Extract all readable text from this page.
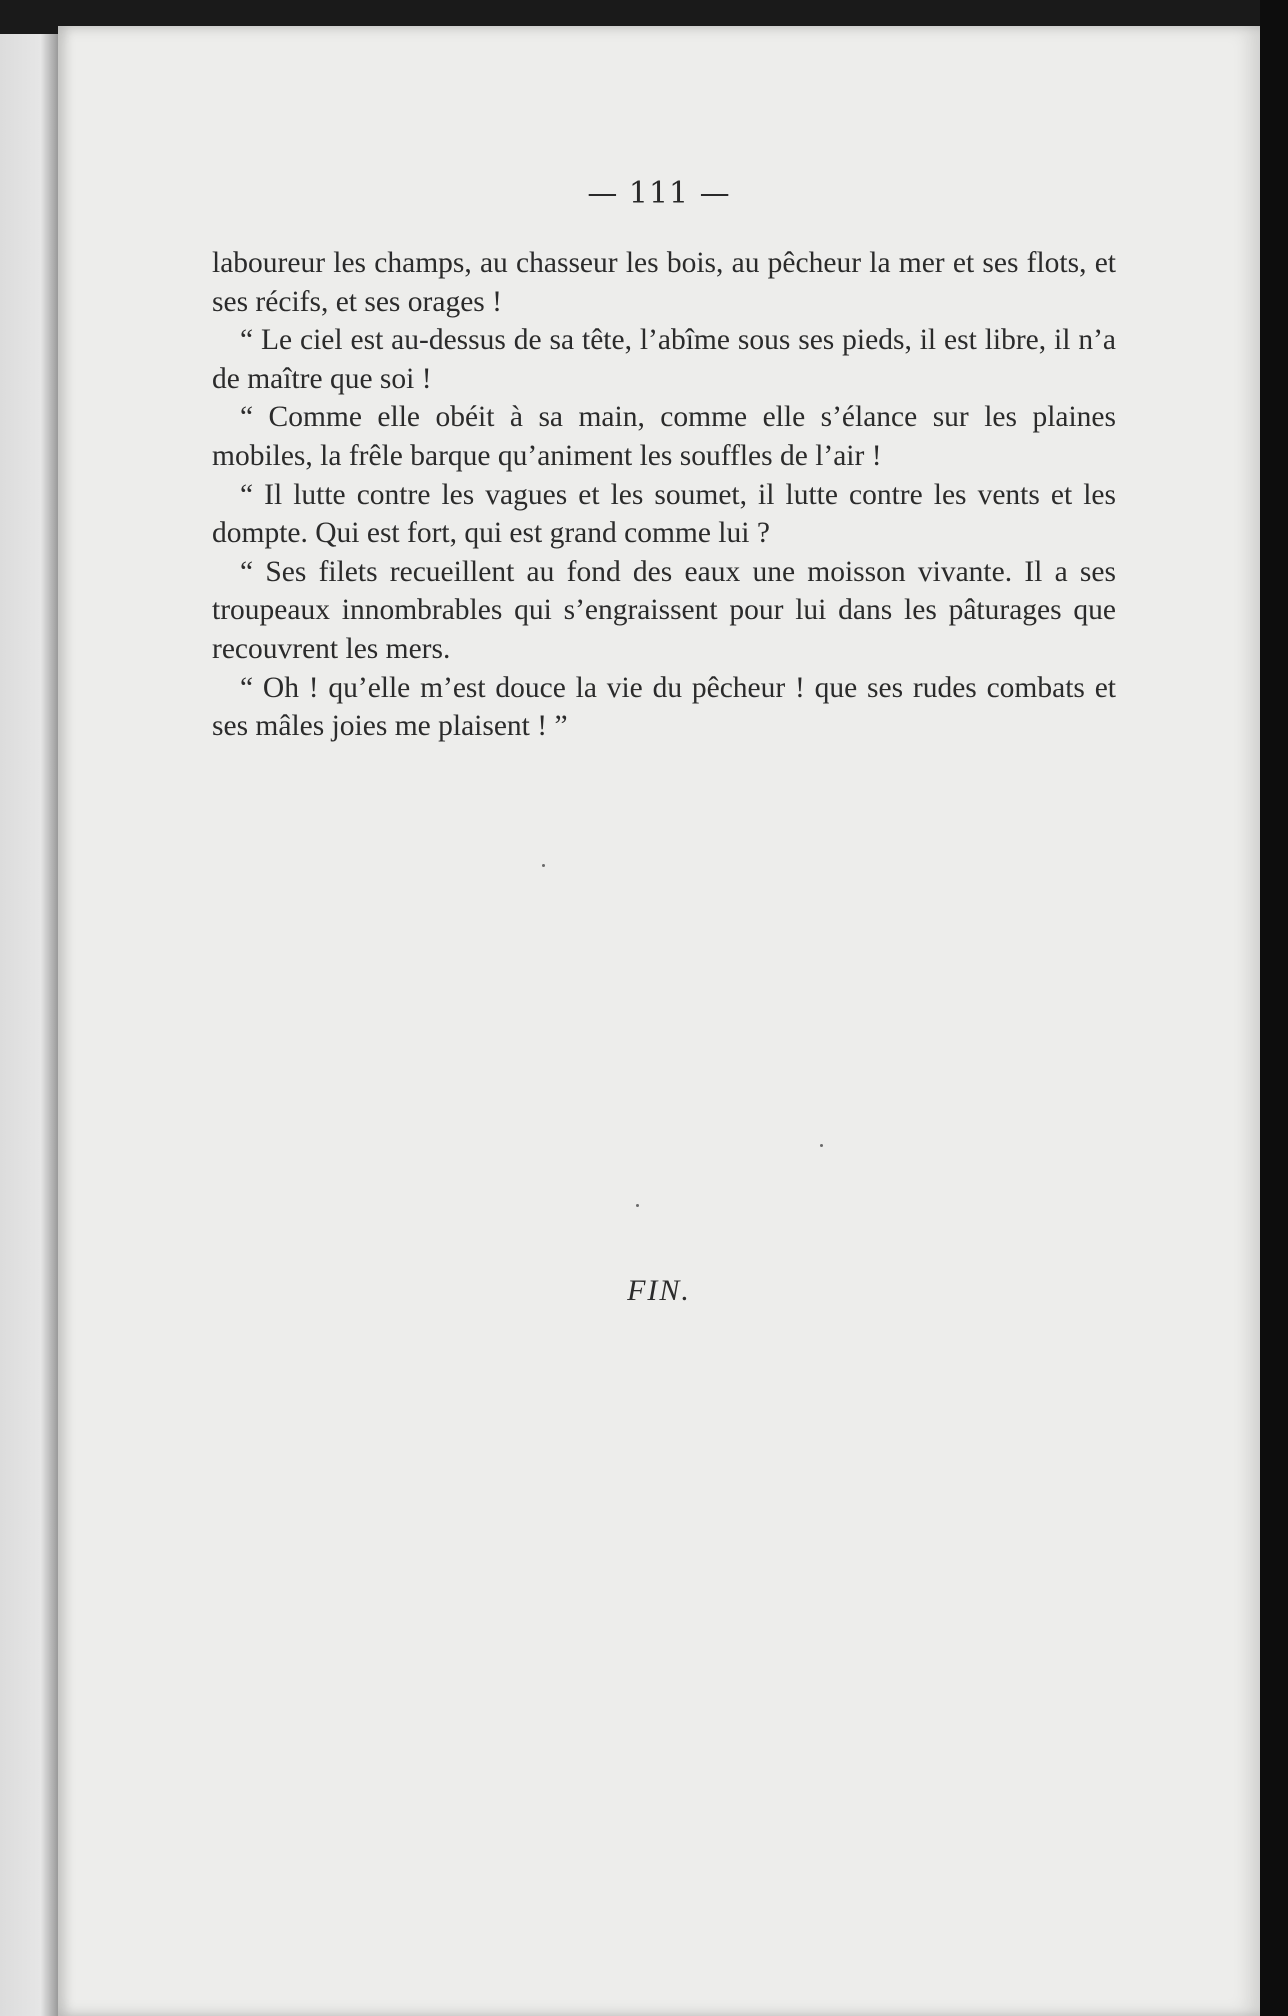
— 111 —

laboureur les champs, au chasseur les bois, au pêcheur la mer et ses flots, et ses récifs, et ses orages !

“ Le ciel est au-dessus de sa tête, l’abîme sous ses pieds, il est libre, il n’a de maître que soi !

“ Comme elle obéit à sa main, comme elle s’élance sur les plaines mobiles, la frêle barque qu’animent les souffles de l’air !

“ Il lutte contre les vagues et les soumet, il lutte contre les vents et les dompte. Qui est fort, qui est grand comme lui ?

“ Ses filets recueillent au fond des eaux une moisson vivante. Il a ses troupeaux innombrables qui s’engraissent pour lui dans les pâturages que recouvrent les mers.

“ Oh ! qu’elle m’est douce la vie du pêcheur ! que ses rudes combats et ses mâles joies me plaisent ! ”

FIN.
